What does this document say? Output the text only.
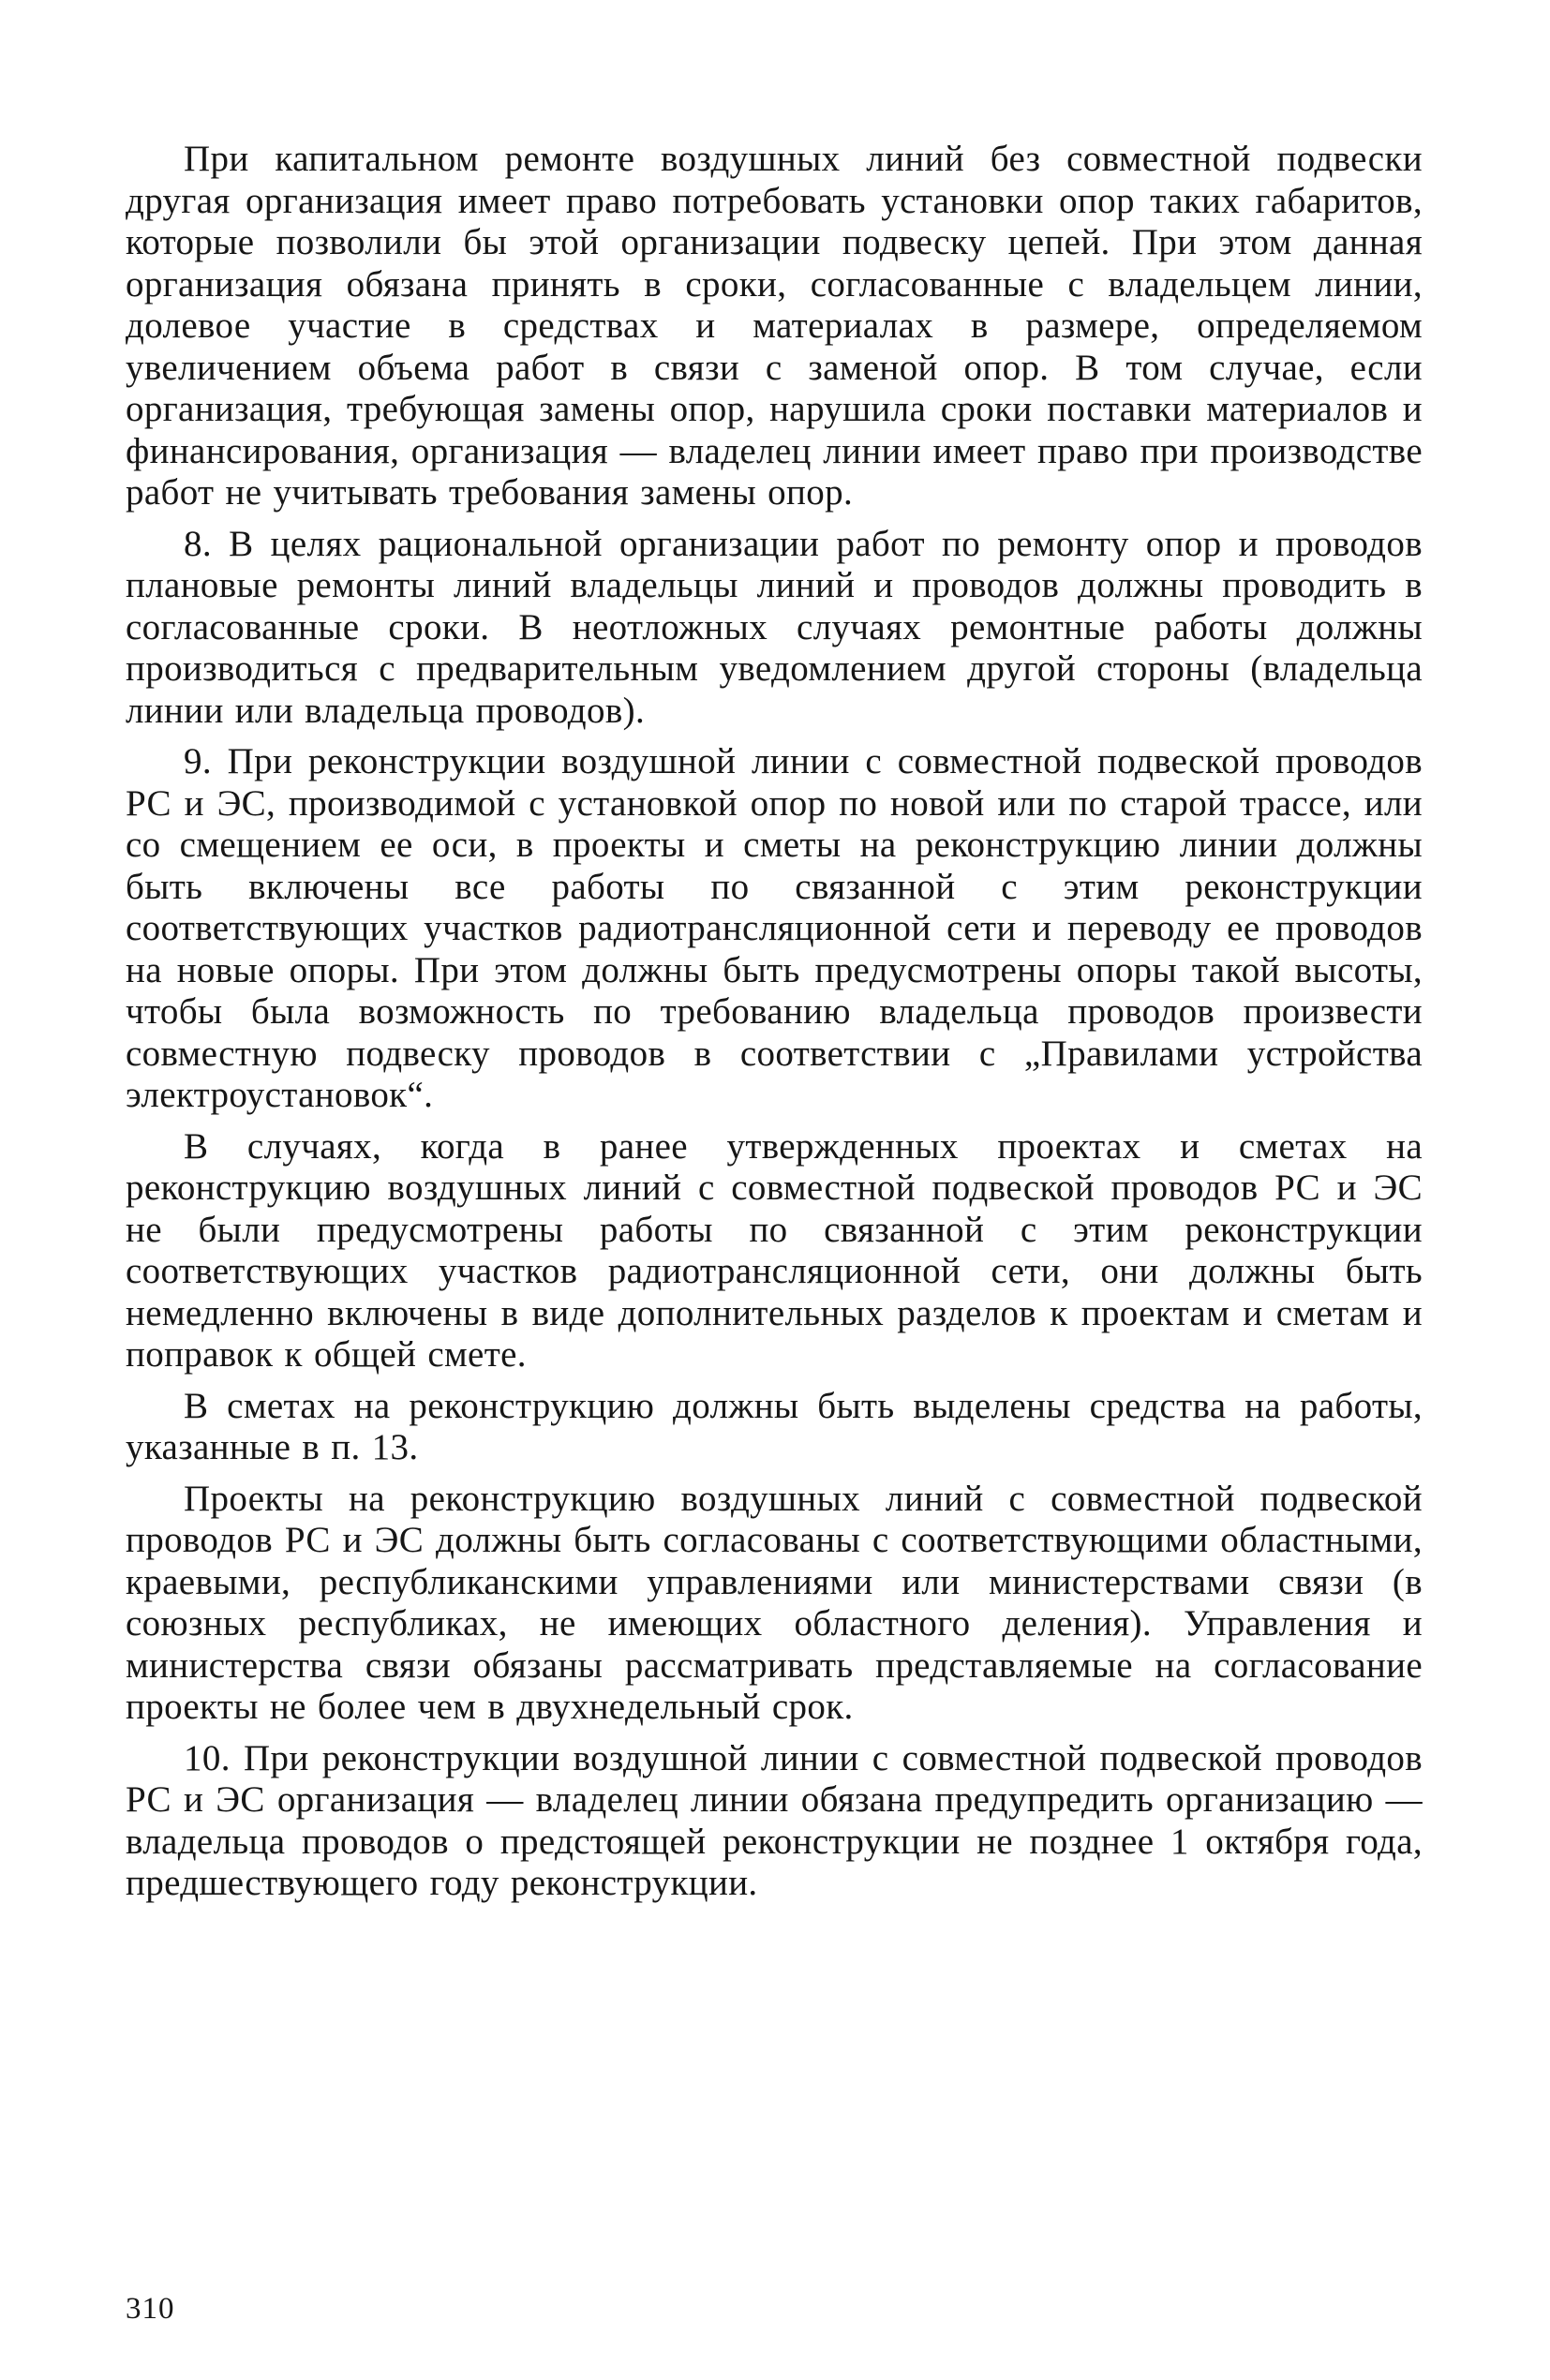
При капитальном ремонте воздушных линий без совместной подвески другая организация имеет право потребовать установки опор таких габаритов, которые позволили бы этой организации подвеску цепей. При этом данная организация обязана принять в сроки, согласованные с владельцем линии, долевое участие в средствах и материалах в размере, определяемом увеличением объема работ в связи с заменой опор. В том случае, если организация, требующая замены опор, нарушила сроки поставки материалов и финансирования, организация — владелец линии имеет право при производстве работ не учитывать требования замены опор.

8. В целях рациональной организации работ по ремонту опор и проводов плановые ремонты линий владельцы линий и проводов должны проводить в согласованные сроки. В неотложных случаях ремонтные работы должны производиться с предварительным уведомлением другой стороны (владельца линии или владельца проводов).

9. При реконструкции воздушной линии с совместной подвеской проводов РС и ЭС, производимой с установкой опор по новой или по старой трассе, или со смещением ее оси, в проекты и сметы на реконструкцию линии должны быть включены все работы по связанной с этим реконструкции соответствующих участков радиотрансляционной сети и переводу ее проводов на новые опоры. При этом должны быть предусмотрены опоры такой высоты, чтобы была возможность по требованию владельца проводов произвести совместную подвеску проводов в соответствии с „Правилами устройства электроустановок“.

В случаях, когда в ранее утвержденных проектах и сметах на реконструкцию воздушных линий с совместной подвеской проводов РС и ЭС не были предусмотрены работы по связанной с этим реконструкции соответствующих участков радиотрансляционной сети, они должны быть немедленно включены в виде дополнительных разделов к проектам и сметам и поправок к общей смете.

В сметах на реконструкцию должны быть выделены средства на работы, указанные в п. 13.

Проекты на реконструкцию воздушных линий с совместной подвеской проводов РС и ЭС должны быть согласованы с соответствующими областными, краевыми, республиканскими управлениями или министерствами связи (в союзных республиках, не имеющих областного деления). Управления и министерства связи обязаны рассматривать представляемые на согласование проекты не более чем в двухнедельный срок.

10. При реконструкции воздушной линии с совместной подвеской проводов РС и ЭС организация — владелец линии обязана предупредить организацию — владельца проводов о предстоящей реконструкции не позднее 1 октября года, предшествующего году реконструкции.

310
